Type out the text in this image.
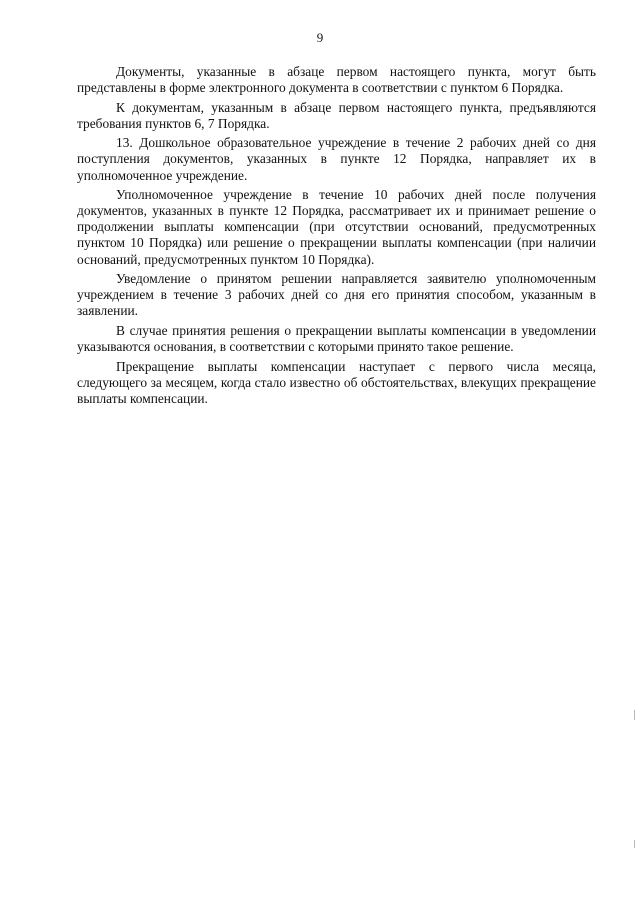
9

Документы, указанные в абзаце первом настоящего пункта, могут быть представлены в форме электронного документа в соответствии с пунктом 6 Порядка.

К документам, указанным в абзаце первом настоящего пункта, предъявляются требования пунктов 6, 7 Порядка.

13. Дошкольное образовательное учреждение в течение 2 рабочих дней со дня поступления документов, указанных в пункте 12 Порядка, направляет их в уполномоченное учреждение.

Уполномоченное учреждение в течение 10 рабочих дней после получения документов, указанных в пункте 12 Порядка, рассматривает их и принимает решение о продолжении выплаты компенсации (при отсутствии оснований, предусмотренных пунктом 10 Порядка) или решение о прекращении выплаты компенсации (при наличии оснований, предусмотренных пунктом 10 Порядка).

Уведомление о принятом решении направляется заявителю уполномоченным учреждением в течение 3 рабочих дней со дня его принятия способом, указанным в заявлении.

В случае принятия решения о прекращении выплаты компенсации в уведомлении указываются основания, в соответствии с которыми принято такое решение.

Прекращение выплаты компенсации наступает с первого числа месяца, следующего за месяцем, когда стало известно об обстоятельствах, влекущих прекращение выплаты компенсации.
